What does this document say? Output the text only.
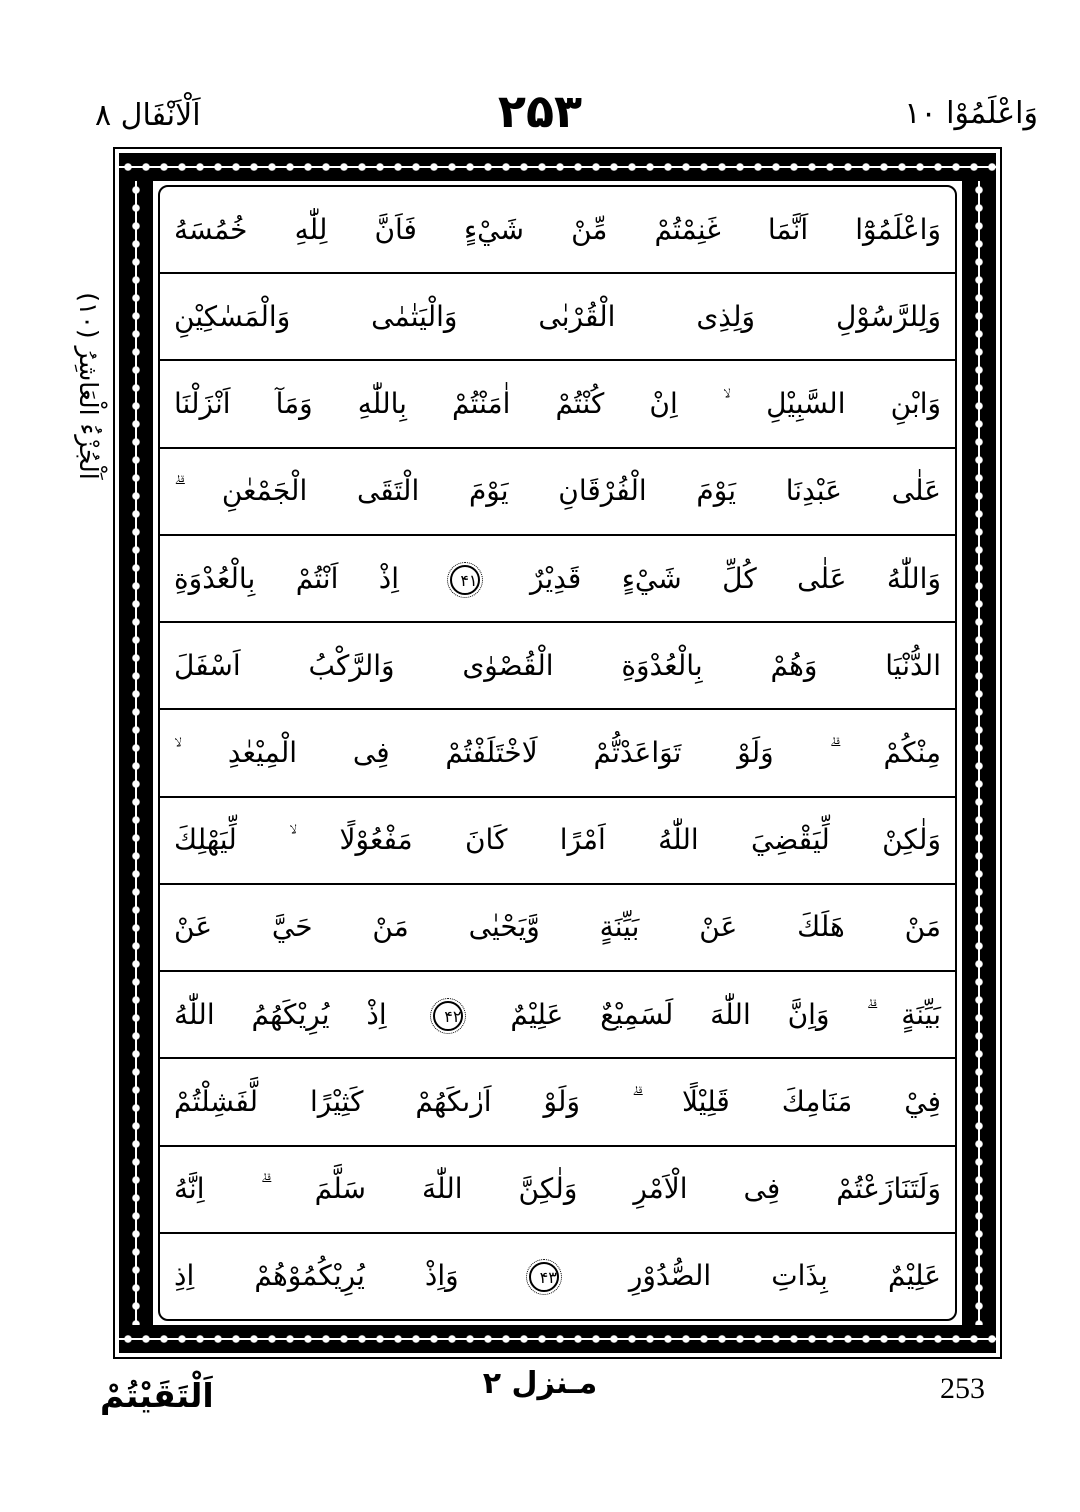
اَلْاَنْفَال ٨	۲۵۳	وَاعْلَمُوْا ١٠
اَلْجُزْءُ الْعَاشِرُ (١٠)
وَاعْلَمُوْٓا اَنَّمَا غَنِمْتُمْ مِّنْ شَيْءٍ فَاَنَّ لِلّٰهِ خُمُسَهُ
وَلِلرَّسُوْلِ وَلِذِى الْقُرْبٰى وَالْيَتٰمٰى وَالْمَسٰكِيْنِ
وَابْنِ السَّبِيْلِ ۙ اِنْ كُنْتُمْ اٰمَنْتُمْ بِاللّٰهِ وَمَآ اَنْزَلْنَا
عَلٰى عَبْدِنَا يَوْمَ الْفُرْقَانِ يَوْمَ الْتَقَى الْجَمْعٰنِ ۗ
وَاللّٰهُ عَلٰى كُلِّ شَيْءٍ قَدِيْرٌ ۴۱ اِذْ اَنْتُمْ بِالْعُدْوَةِ
الدُّنْيَا وَهُمْ بِالْعُدْوَةِ الْقُصْوٰى وَالرَّكْبُ اَسْفَلَ
مِنْكُمْ ۗ وَلَوْ تَوَاعَدْتُّمْ لَاخْتَلَفْتُمْ فِى الْمِيْعٰدِ ۙ
وَلٰكِنْ لِّيَقْضِيَ اللّٰهُ اَمْرًا كَانَ مَفْعُوْلًا ۙ لِّيَهْلِكَ
مَنْ هَلَكَ عَنْ بَيِّنَةٍ وَّيَحْيٰى مَنْ حَيَّ عَنْ
بَيِّنَةٍ ۗ وَاِنَّ اللّٰهَ لَسَمِيْعٌ عَلِيْمٌ ۴۲ اِذْ يُرِيْكَهُمُ اللّٰهُ
فِيْ مَنَامِكَ قَلِيْلًا ۗ وَلَوْ اَرٰىكَهُمْ كَثِيْرًا لَّفَشِلْتُمْ
وَلَتَنَازَعْتُمْ فِى الْاَمْرِ وَلٰكِنَّ اللّٰهَ سَلَّمَ ۗ اِنَّهُ
عَلِيْمٌ بِذَاتِ الصُّدُوْرِ ۴۳ وَاِذْ يُرِيْكُمُوْهُمْ اِذِ
مـنزل ٢	253
اَلْتَقَيْتُمْ
